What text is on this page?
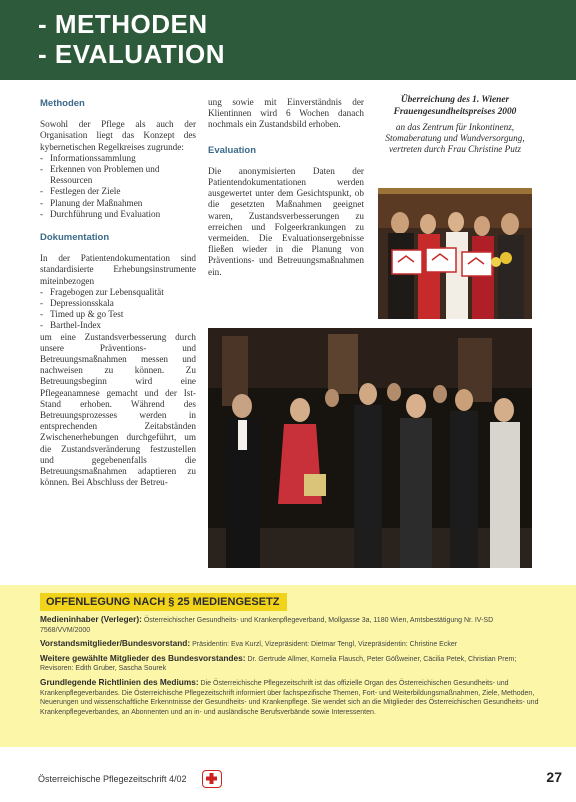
- METHODEN
- EVALUATION
Methoden
Sowohl der Pflege als auch der Organisation liegt das Konzept des kybernetischen Regelkreises zugrunde:
- Informationssammlung
- Erkennen von Problemen und Ressourcen
- Festlegen der Ziele
- Planung der Maßnahmen
- Durchführung und Evaluation
Dokumentation
In der Patientendokumentation sind standardisierte Erhebungsinstrumente miteinbezogen
- Fragebogen zur Lebensqualität
- Depressionsskala
- Timed up & go Test
- Barthel-Index
um eine Zustandsverbesserung durch unsere Präventions- und Betreuungsmaßnahmen messen und nachweisen zu können. Zu Betreuungsbeginn wird eine Pflegeanamnese gemacht und der Ist-Stand erhoben. Während des Betreuungsprozesses werden in entsprechenden Zeitabständen Zwischenerhebungen durchgeführt, um die Zustandsveränderung festzustellen und gegebenenfalls die Betreuungsmaßnahmen adaptieren zu können. Bei Abschluss der Betreu-
ung sowie mit Einverständnis der Klientinnen wird 6 Wochen danach nochmals ein Zustandsbild erhoben.
Evaluation
Die anonymisierten Daten der Patientendokumentationen werden ausgewertet unter dem Gesichtspunkt, ob die gesetzten Maßnahmen geeignet waren, Zustandsverbesserungen zu erreichen und Folgeerkrankungen zu vermeiden. Die Evaluationsergebnisse fließen wieder in die Planung von Präventions- und Betreuungsmaßnahmen ein.
Überreichung des 1. Wiener Frauengesundheitspreises 2000
an das Zentrum für Inkontinenz, Stomaberatung und Wundversorgung, vertreten durch Frau Christine Putz
OFFENLEGUNG NACH § 25 MEDIENGESETZ
Medieninhaber (Verleger): Österreichischer Gesundheits- und Krankenpflegeverband, Mollgasse 3a, 1180 Wien, Amtsbestätigung Nr. IV-SD 7568/VVM/2000
Vorstandsmitglieder/Bundesvorstand: Präsidentin: Eva Kurzl, Vizepräsident: Dietmar Tengl, Vizepräsidentin: Christine Ecker
Weitere gewählte Mitglieder des Bundesvorstandes: Dr. Gertrude Allmer, Kornelia Flausch, Peter Gößweiner, Cäcilia Petek, Christian Prem; Revisoren: Edith Gruber, Sascha Sourek
Grundlegende Richtlinien des Mediums: Die Österreichische Pflegezeitschrift ist das offizielle Organ des Österreichischen Gesundheits- und Krankenpflegeverbandes. Die Österreichische Pflegezeitschrift informiert über fachspezifische Themen, Fort- und Weiterbildungsmaßnahmen, Ziele, Methoden, Neuerungen und wissenschaftliche Erkenntnisse der Gesundheits- und Krankenpflege. Sie wendet sich an die Mitglieder des Österreichischen Gesundheits- und Krankenpflegeverbandes, an Abonnenten und an in- und ausländische Berufsverbände sowie Interessenten.
Österreichische Pflegezeitschrift 4/02	27
